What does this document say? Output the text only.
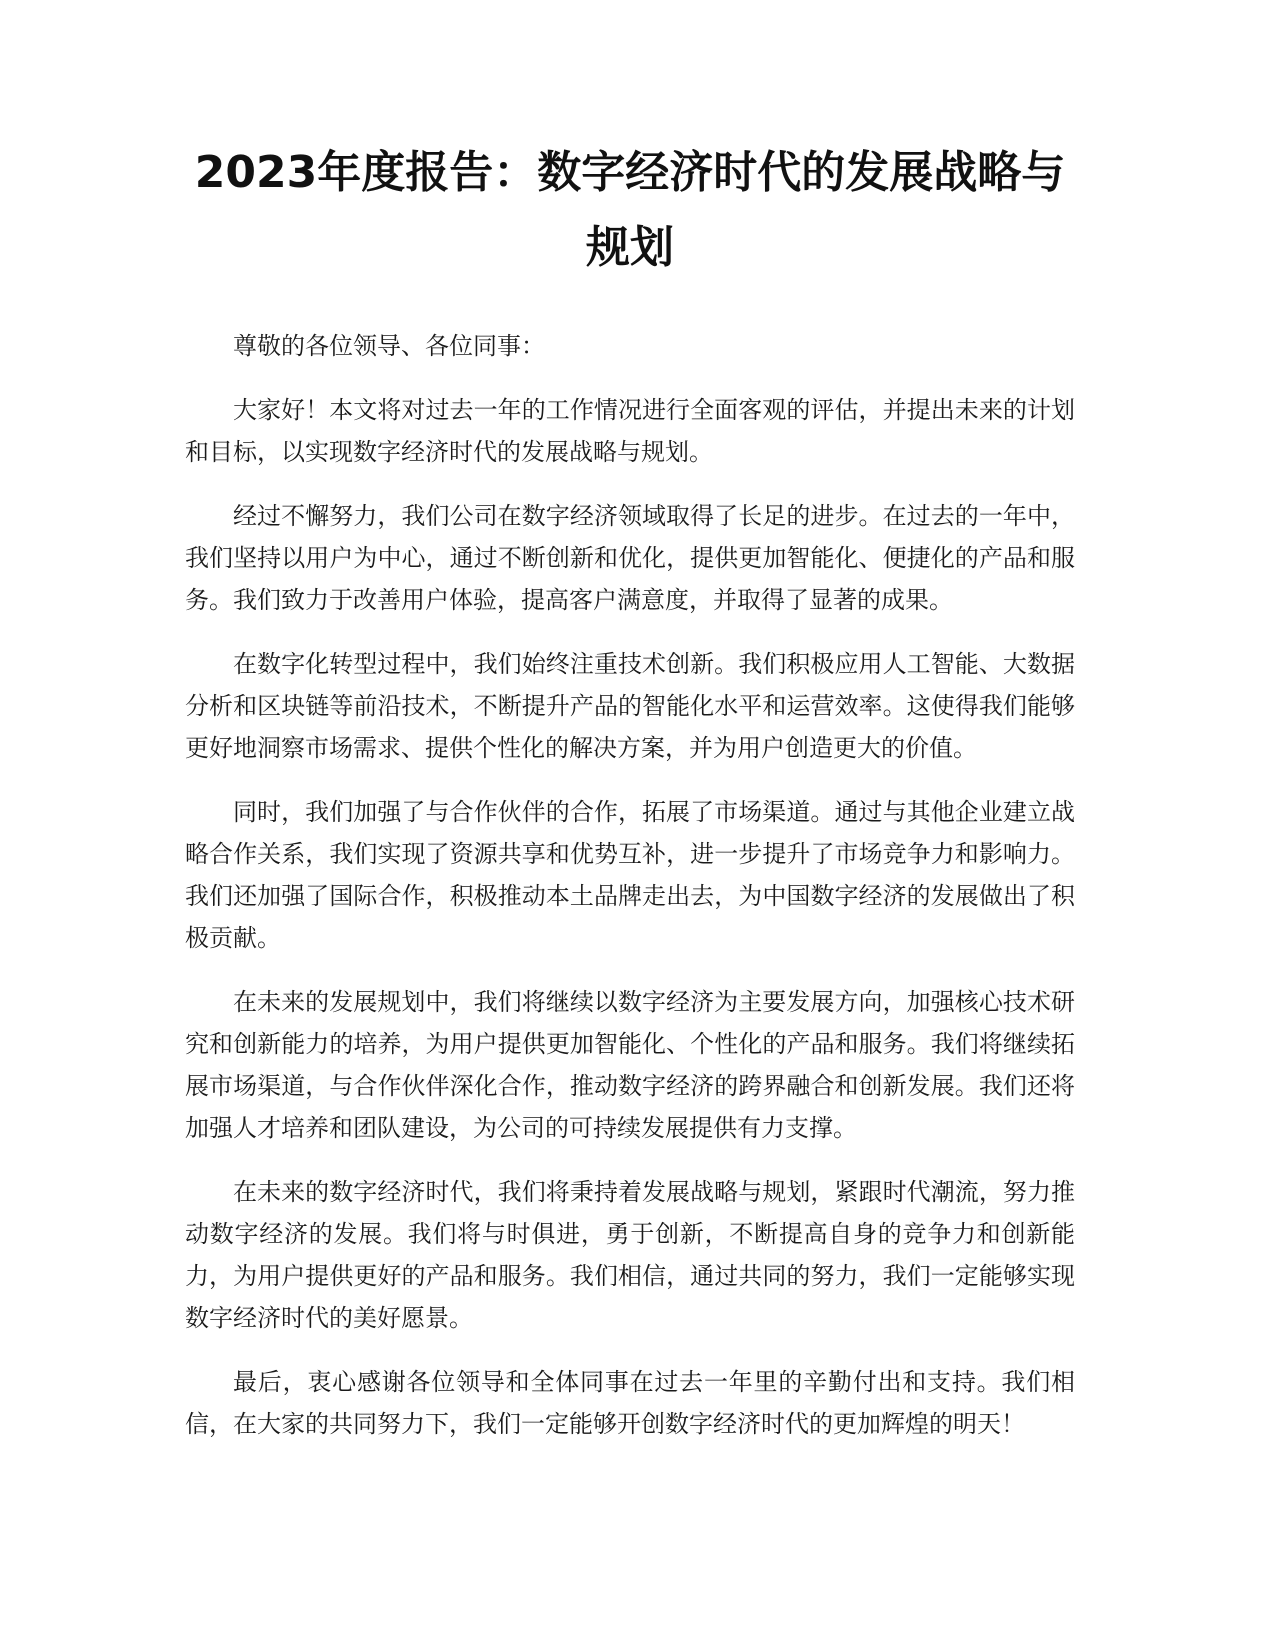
2023年度报告：数字经济时代的发展战略与规划

尊敬的各位领导、各位同事：

大家好！本文将对过去一年的工作情况进行全面客观的评估，并提出未来的计划和目标，以实现数字经济时代的发展战略与规划。

经过不懈努力，我们公司在数字经济领域取得了长足的进步。在过去的一年中，我们坚持以用户为中心，通过不断创新和优化，提供更加智能化、便捷化的产品和服务。我们致力于改善用户体验，提高客户满意度，并取得了显著的成果。

在数字化转型过程中，我们始终注重技术创新。我们积极应用人工智能、大数据分析和区块链等前沿技术，不断提升产品的智能化水平和运营效率。这使得我们能够更好地洞察市场需求、提供个性化的解决方案，并为用户创造更大的价值。

同时，我们加强了与合作伙伴的合作，拓展了市场渠道。通过与其他企业建立战略合作关系，我们实现了资源共享和优势互补，进一步提升了市场竞争力和影响力。我们还加强了国际合作，积极推动本土品牌走出去，为中国数字经济的发展做出了积极贡献。

在未来的发展规划中，我们将继续以数字经济为主要发展方向，加强核心技术研究和创新能力的培养，为用户提供更加智能化、个性化的产品和服务。我们将继续拓展市场渠道，与合作伙伴深化合作，推动数字经济的跨界融合和创新发展。我们还将加强人才培养和团队建设，为公司的可持续发展提供有力支撑。

在未来的数字经济时代，我们将秉持着发展战略与规划，紧跟时代潮流，努力推动数字经济的发展。我们将与时俱进，勇于创新，不断提高自身的竞争力和创新能力，为用户提供更好的产品和服务。我们相信，通过共同的努力，我们一定能够实现数字经济时代的美好愿景。

最后，衷心感谢各位领导和全体同事在过去一年里的辛勤付出和支持。我们相信，在大家的共同努力下，我们一定能够开创数字经济时代的更加辉煌的明天！
